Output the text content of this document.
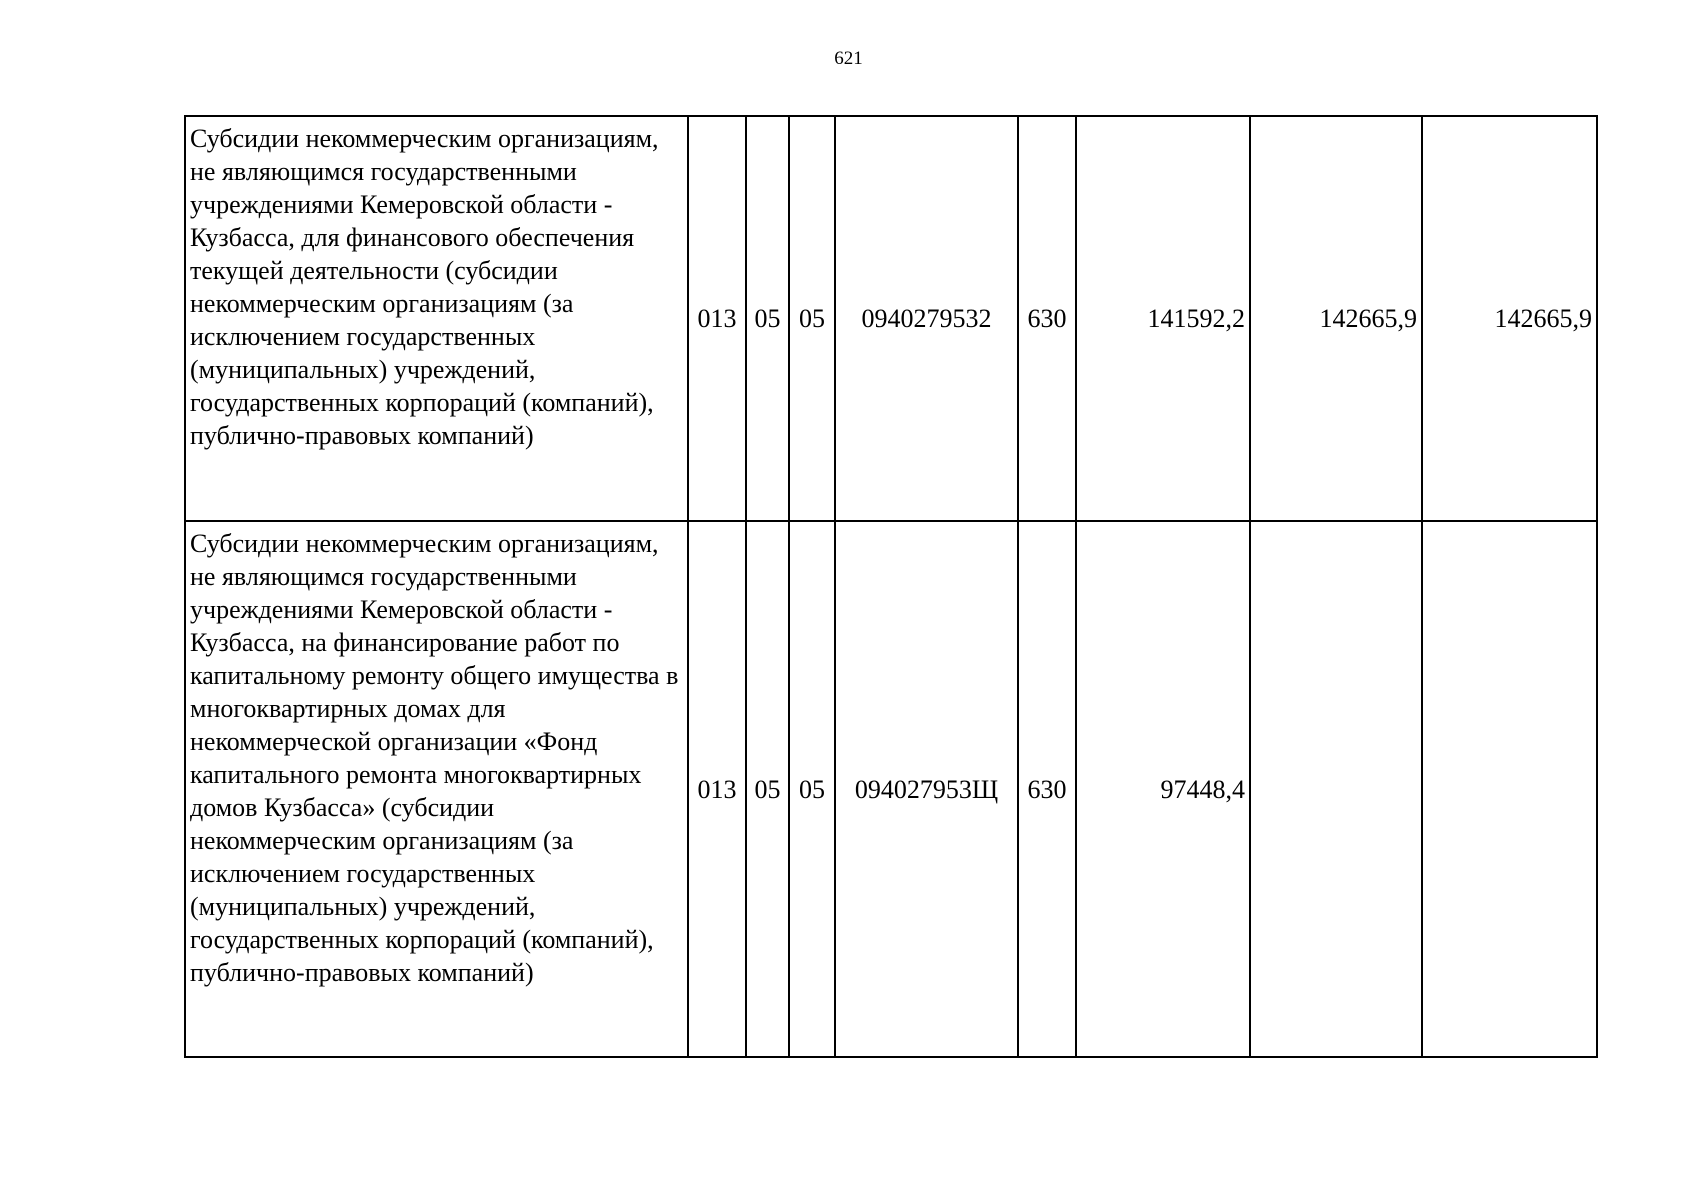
621
Субсидии некоммерческим организациям, не являющимся государственными учреждениями Кемеровской области - Кузбасса, для финансового обеспечения текущей деятельности (субсидии некоммерческим организациям (за исключением государственных (муниципальных) учреждений, государственных корпораций (компаний), публично-правовых компаний)	013	05	05	0940279532	630	141592,2	142665,9	142665,9
Субсидии некоммерческим организациям, не являющимся государственными учреждениями Кемеровской области - Кузбасса, на финансирование работ по капитальному ремонту общего имущества в многоквартирных домах для некоммерческой организации «Фонд капитального ремонта многоквартирных домов Кузбасса» (субсидии некоммерческим организациям (за исключением государственных (муниципальных) учреждений, государственных корпораций (компаний), публично-правовых компаний)	013	05	05	094027953Щ	630	97448,4		
